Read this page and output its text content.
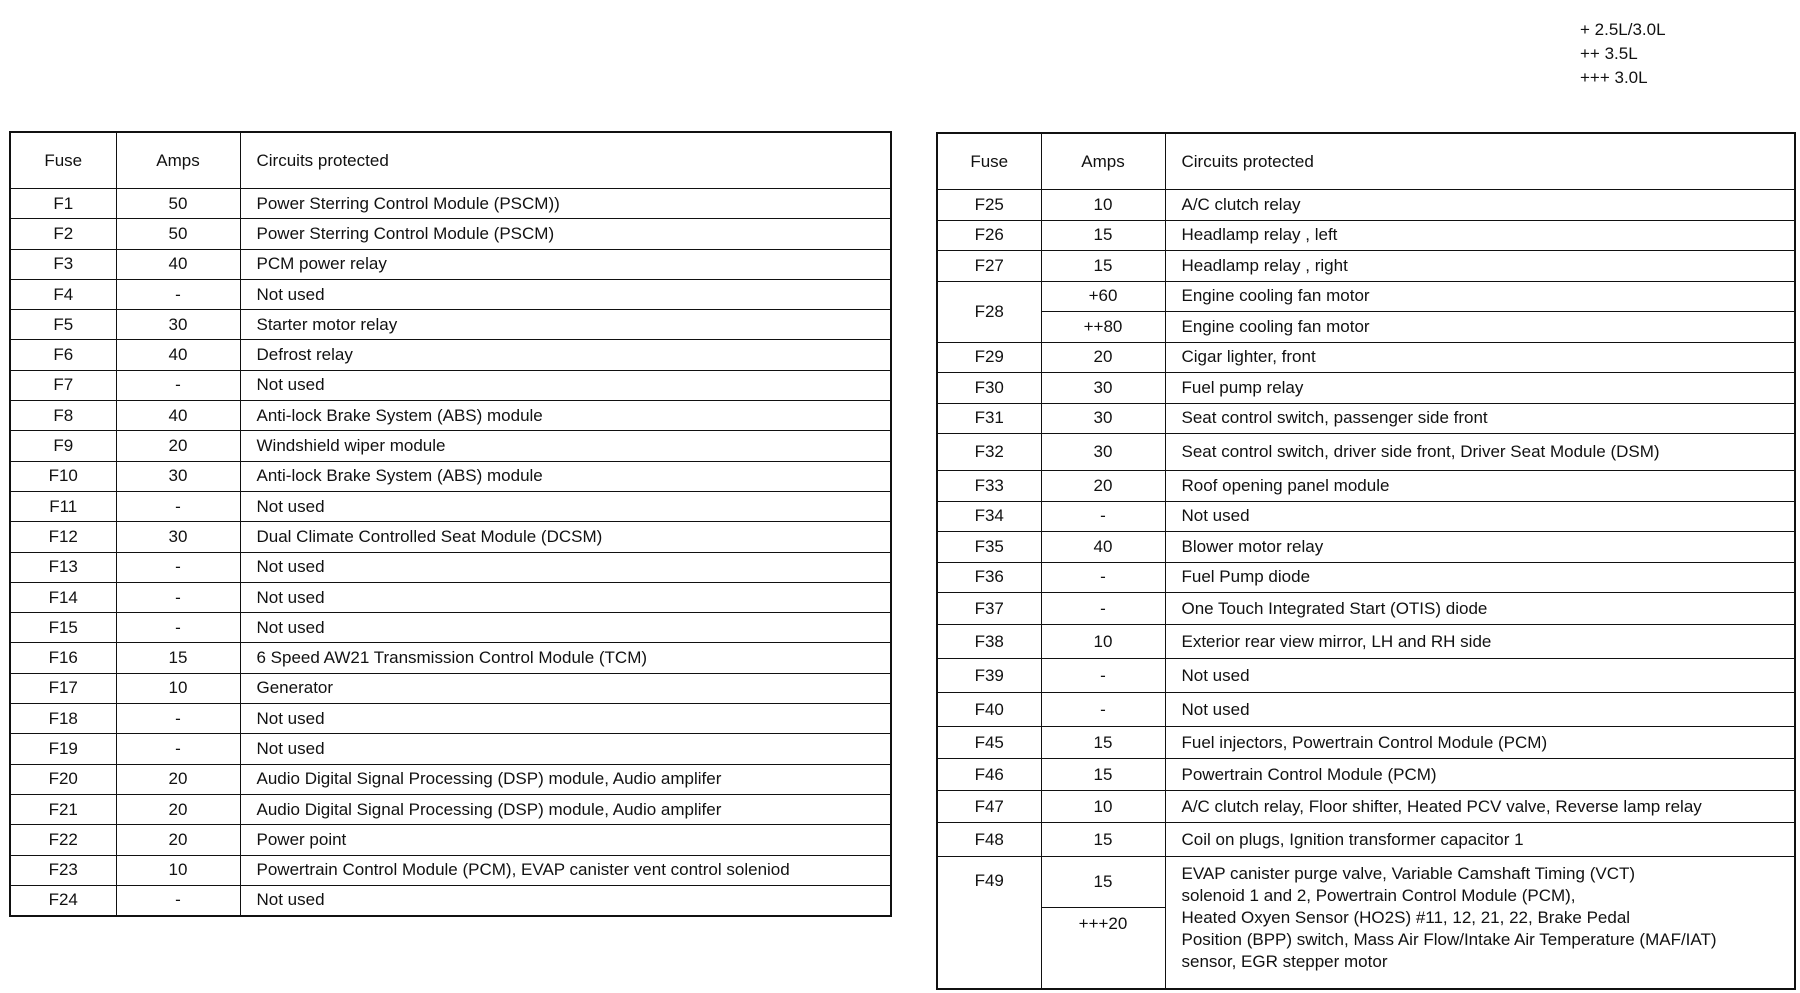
+ 2.5L/3.0L
++ 3.5L
+++ 3.0L
Fuse	Amps	Circuits protected
F1	50	Power Sterring Control Module (PSCM))
F2	50	Power Sterring Control Module (PSCM)
F3	40	PCM power relay
F4	-	Not used
F5	30	Starter motor relay
F6	40	Defrost relay
F7	-	Not used
F8	40	Anti-lock Brake System (ABS) module
F9	20	Windshield wiper module
F10	30	Anti-lock Brake System (ABS) module
F11	-	Not used
F12	30	Dual Climate Controlled Seat Module (DCSM)
F13	-	Not used
F14	-	Not used
F15	-	Not used
F16	15	6 Speed AW21 Transmission Control Module (TCM)
F17	10	Generator
F18	-	Not used
F19	-	Not used
F20	20	Audio Digital Signal Processing (DSP) module, Audio amplifer
F21	20	Audio Digital Signal Processing (DSP) module, Audio amplifer
F22	20	Power point
F23	10	Powertrain Control Module (PCM), EVAP canister vent control soleniod
F24	-	Not used
Fuse	Amps	Circuits protected
F25	10	A/C clutch relay
F26	15	Headlamp relay , left
F27	15	Headlamp relay , right
F28	+60	Engine cooling fan motor
	++80	Engine cooling fan motor
F29	20	Cigar lighter, front
F30	30	Fuel pump relay
F31	30	Seat control switch, passenger side front
F32	30	Seat control switch, driver side front, Driver Seat Module (DSM)
F33	20	Roof opening panel module
F34	-	Not used
F35	40	Blower motor relay
F36	-	Fuel Pump diode
F37	-	One Touch Integrated Start (OTIS) diode
F38	10	Exterior rear view mirror, LH and RH side
F39	-	Not used
F40	-	Not used
F45	15	Fuel injectors, Powertrain Control Module (PCM)
F46	15	Powertrain Control Module (PCM)
F47	10	A/C clutch relay, Floor shifter, Heated PCV valve, Reverse lamp relay
F48	15	Coil on plugs, Ignition transformer capacitor 1
F49	15	EVAP canister purge valve, Variable Camshaft Timing (VCT)
solenoid 1 and 2, Powertrain Control Module (PCM),
Heated Oxyen Sensor (HO2S) #11, 12, 21, 22, Brake Pedal
Position (BPP) switch, Mass Air Flow/Intake Air Temperature (MAF/IAT)
sensor, EGR stepper motor

	+++20	
